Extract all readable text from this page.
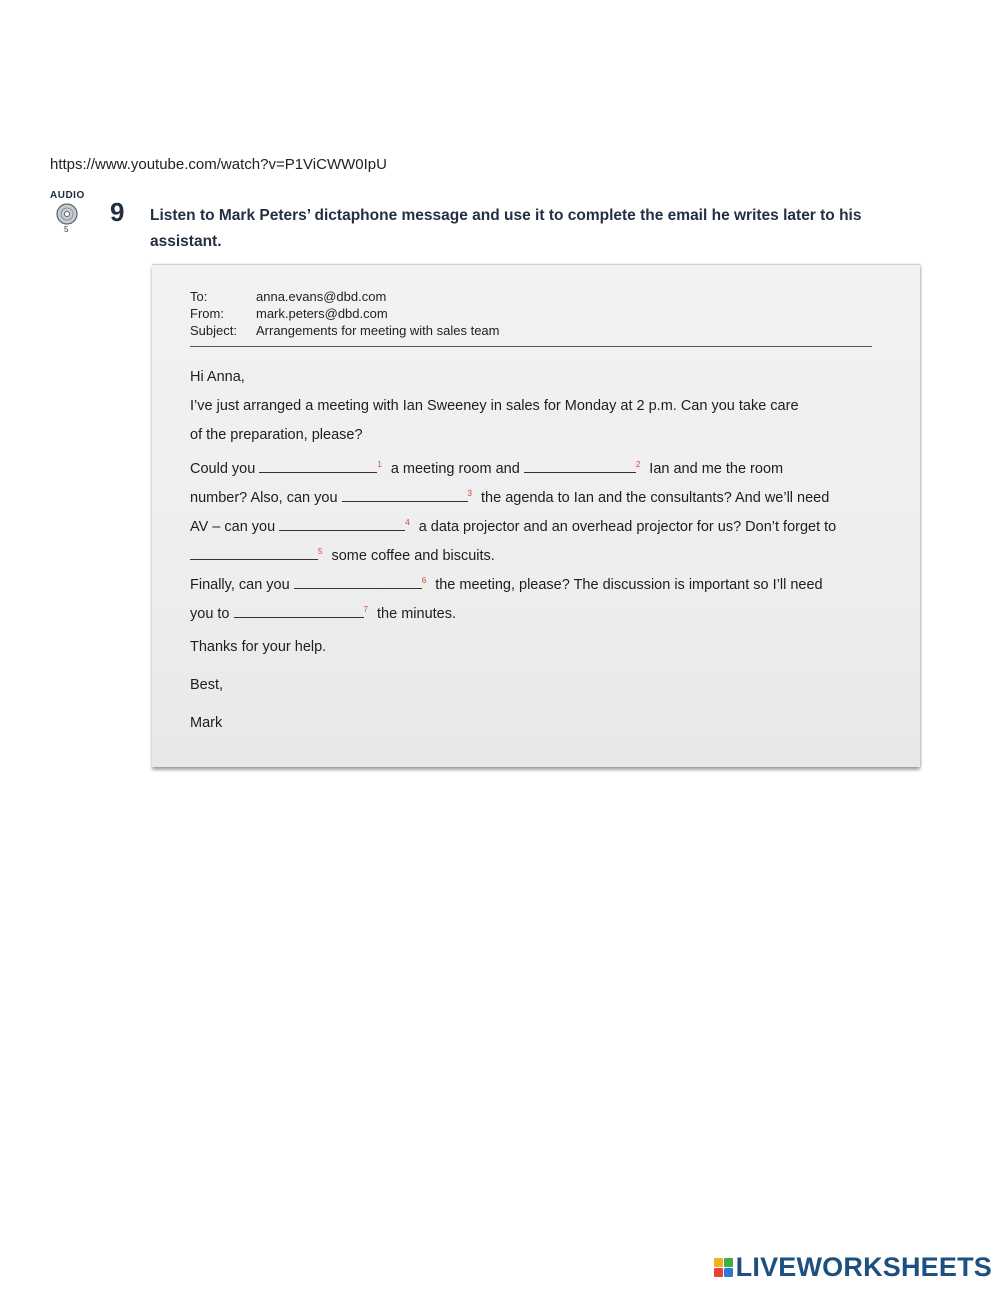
https://www.youtube.com/watch?v=P1ViCWW0IpU
AUDIO
5
9 Listen to Mark Peters’ dictaphone message and use it to complete the email he writes later to his assistant.
To:	anna.evans@dbd.com
From: mark.peters@dbd.com
Subject: Arrangements for meeting with sales team
Hi Anna,
I’ve just arranged a meeting with Ian Sweeney in sales for Monday at 2 p.m. Can you take care
of the preparation, please?
Could you	$^1$ a meeting room and	$^2$ Ian and me the room
number? Also, can you	$^3$ the agenda to Ian and the consultants? And we’ll need
AV – can you	$^4$ a data projector and an overhead projector for us? Don’t forget to
$^5$ some coffee and biscuits.
Finally, can you	$^6$ the meeting, please? The discussion is important so I’ll need
you to	$^7$ the minutes.
Thanks for your help.
Best,
Mark
LIVEWORKSHEETS
